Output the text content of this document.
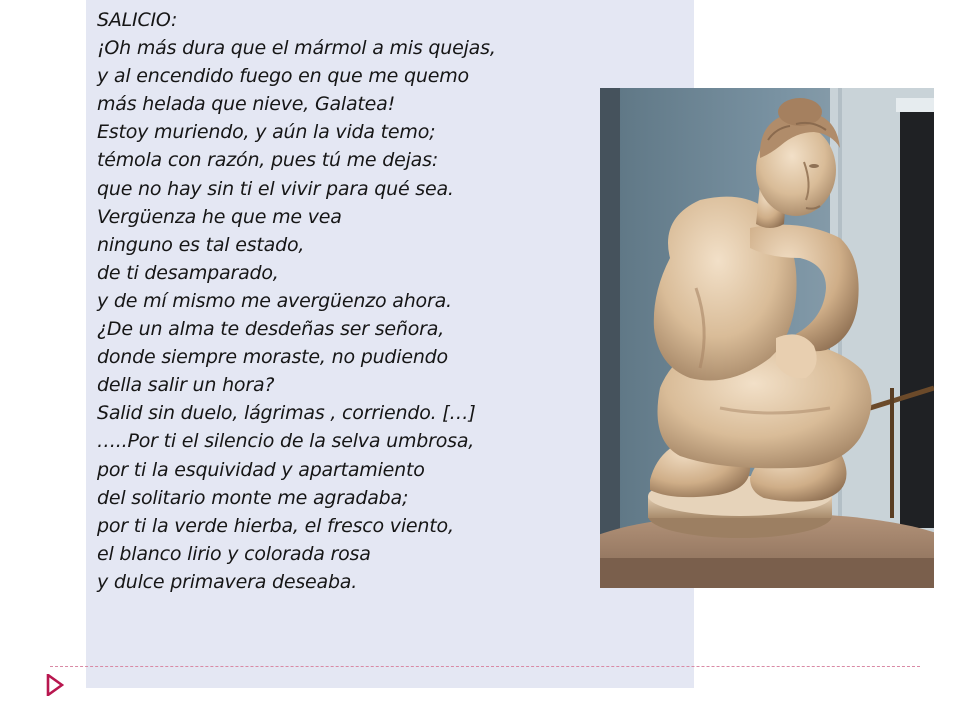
SALICIO:
¡Oh más dura que el mármol a mis quejas,
y al encendido fuego en que me quemo
más helada que nieve, Galatea!
Estoy muriendo, y aún la vida temo;
témola con razón, pues tú me dejas:
que no hay sin ti el vivir para qué sea.
Vergüenza he que me vea
ninguno es tal estado,
de ti desamparado,
y de mí mismo me avergüenzo ahora.
¿De un alma te desdeñas ser señora,
donde siempre moraste, no pudiendo
della salir un hora?
Salid sin duelo, lágrimas , corriendo. […]
…..Por ti el silencio de la selva umbrosa,
por ti la esquividad y apartamiento
del solitario monte me agradaba;
por ti la verde hierba, el fresco viento,
el blanco lirio y colorada rosa
y dulce primavera deseaba.
